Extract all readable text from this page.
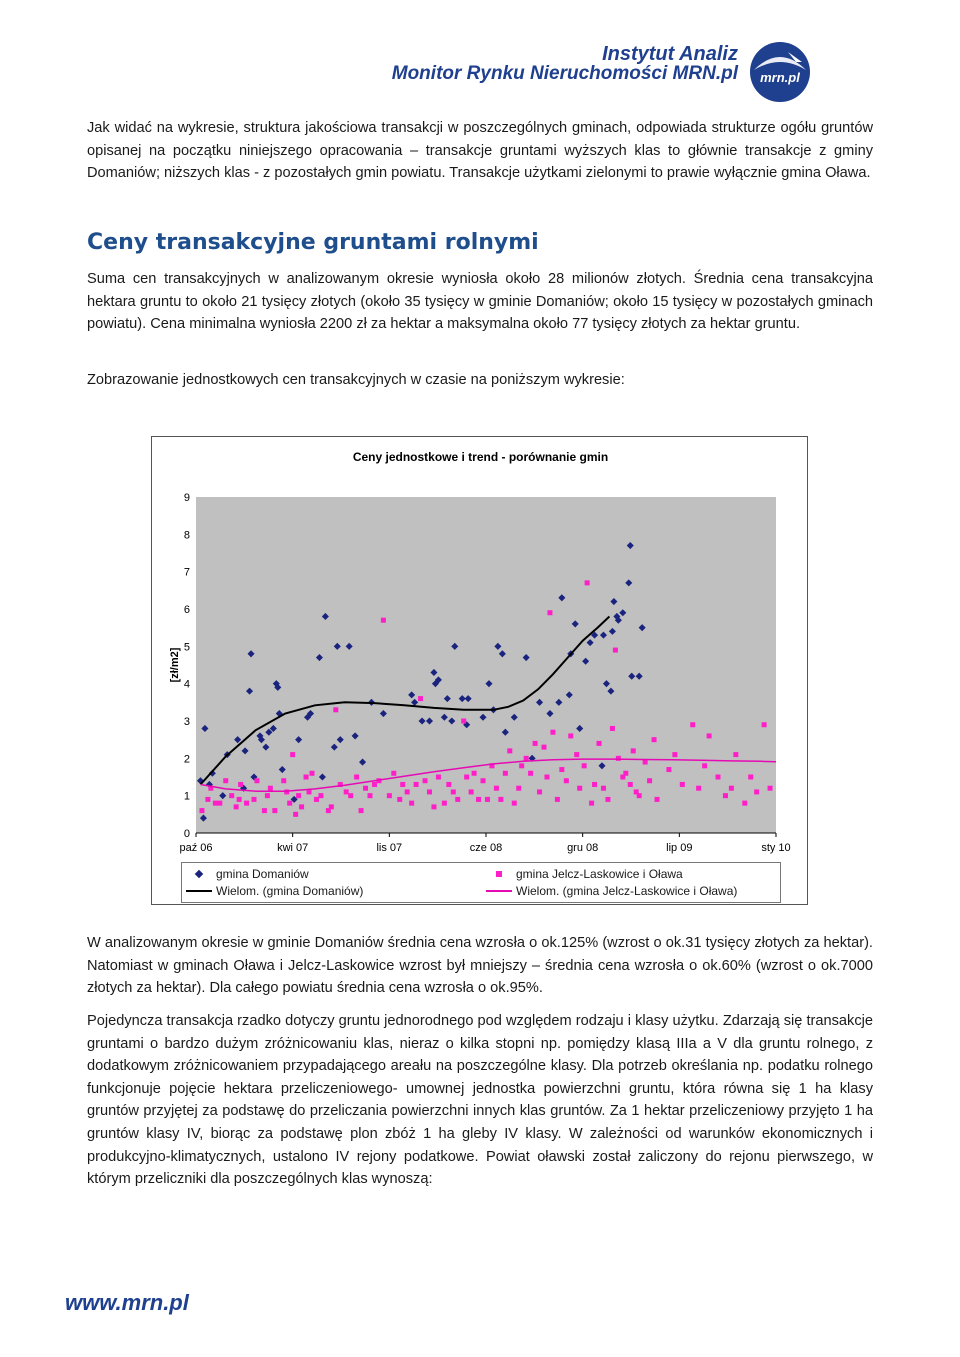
Instytut Analiz
Monitor Rynku Nieruchomości MRN.pl mrn.pl
Jak widać na wykresie, struktura jakościowa transakcji w poszczególnych gminach, odpowiada strukturze ogółu gruntów opisanej na początku niniejszego opracowania – transakcje gruntami wyższych klas to głównie transakcje z gminy Domaniów; niższych klas - z pozostałych gmin powiatu. Transakcje użytkami zielonymi to prawie wyłącznie gmina Oława.
Ceny transakcyjne gruntami rolnymi
Suma cen transakcyjnych w analizowanym okresie wyniosła około 28 milionów złotych. Średnia cena transakcyjna hektara gruntu to około 21 tysięcy złotych (około 35 tysięcy w gminie Domaniów; około 15 tysięcy w pozostałych gminach powiatu). Cena minimalna wyniosła 2200 zł za hektar a maksymalna około 77 tysięcy złotych za hektar gruntu.
Zobrazowanie jednostkowych cen transakcyjnych w czasie na poniższym wykresie:
Ceny jednostkowe i trend - porównanie gmin
0
1
2
3
4
5
6
7
8
9
paź 06	kwi 07	lis 07	cze 08	gru 08	lip 09	sty 10
[zł/m2]
gmina Domaniów	gmina Jelcz-Laskowice i Oława
Wielom. (gmina Domaniów)	Wielom. (gmina Jelcz-Laskowice i Oława)
W analizowanym okresie w gminie Domaniów średnia cena wzrosła o ok.125% (wzrost o ok.31 tysięcy złotych za hektar). Natomiast w gminach Oława i Jelcz-Laskowice wzrost był mniejszy – średnia cena wzrosła o ok.60% (wzrost o ok.7000 złotych za hektar). Dla całego powiatu średnia cena wzrosła o ok.95%.
Pojedyncza transakcja rzadko dotyczy gruntu jednorodnego pod względem rodzaju i klasy użytku. Zdarzają się transakcje gruntami o bardzo dużym zróżnicowaniu klas, nieraz o kilka stopni np. pomiędzy klasą IIIa a V dla gruntu rolnego, z dodatkowym zróżnicowaniem przypadającego areału na poszczególne klasy. Dla potrzeb określania np. podatku rolnego funkcjonuje pojęcie hektara przeliczeniowego- umownej jednostka powierzchni gruntu, która równa się 1 ha klasy gruntów przyjętej za podstawę do przeliczania powierzchni innych klas gruntów. Za 1 hektar przeliczeniowy przyjęto 1 ha gruntów klasy IV, biorąc za podstawę plon zbóż 1 ha gleby IV klasy. W zależności od warunków ekonomicznych i produkcyjno-klimatycznych, ustalono IV rejony podatkowe. Powiat oławski został zaliczony do rejonu pierwszego, w którym przeliczniki dla poszczególnych klas wynoszą:
www.mrn.pl
